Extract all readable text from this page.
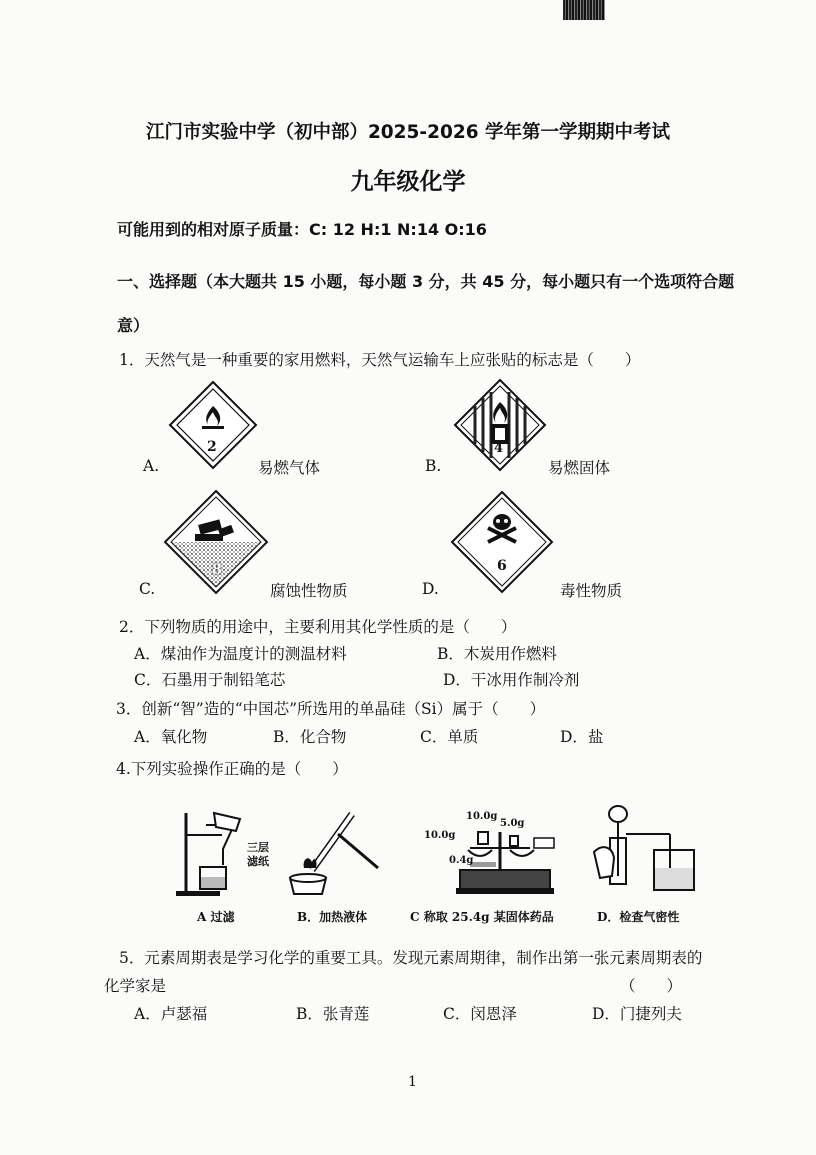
江门市实验中学（初中部）2025-2026 学年第一学期期中考试
九年级化学
可能用到的相对原子质量：C: 12 H:1 N:14 O:16
一、选择题（本大题共 15 小题，每小题 3 分，共 45 分，每小题只有一个选项符合题
意）
1．天然气是一种重要的家用燃料，天然气运输车上应张贴的标志是（　　）
2
A.	易燃气体
4
B.	易燃固体
8
C.	腐蚀性物质
6
D.	毒性物质
2．下列物质的用途中，主要利用其化学性质的是（　　）
A．煤油作为温度计的测温材料	B．木炭用作燃料
C．石墨用于制铅笔芯	D．干冰用作制冷剂
3．创新“智”造的“中国芯”所选用的单晶硅（Si）属于（　　）
A．氧化物	B．化合物	C．单质	D．盐
4.下列实验操作正确的是（　　）
三层
滤纸
10.0g
5.0g
10.0g
0.4g
A 过滤	B．加热液体	C 称取 25.4g 某固体药品	D．检查气密性
5．元素周期表是学习化学的重要工具。发现元素周期律，制作出第一张元素周期表的
化学家是	（　　）
A．卢瑟福	B．张青莲	C．闵恩泽	D．门捷列夫
1
